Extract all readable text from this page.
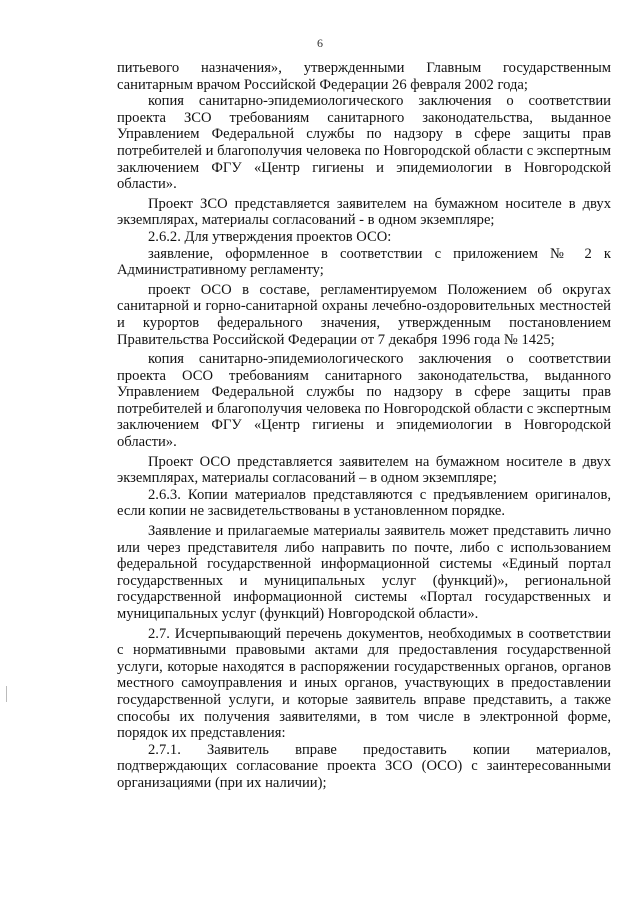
6

питьевого назначения», утвержденными Главным государственным санитарным врачом Российской Федерации 26 февраля 2002 года;

копия санитарно-эпидемиологического заключения о соответствии проекта ЗСО требованиям санитарного законодательства, выданное Управлением Федеральной службы по надзору в сфере защиты прав потребителей и благополучия человека по Новгородской области с экспертным заключением ФГУ «Центр гигиены и эпидемиологии в Новгородской области».

Проект ЗСО представляется заявителем на бумажном носителе в двух экземплярах, материалы согласований - в одном экземпляре;

2.6.2. Для утверждения проектов ОСО:

заявление, оформленное в соответствии с приложением № 2 к Административному регламенту;

проект ОСО в составе, регламентируемом Положением об округах санитарной и горно-санитарной охраны лечебно-оздоровительных местностей и курортов федерального значения, утвержденным постановлением Правительства Российской Федерации от 7 декабря 1996 года № 1425;

копия санитарно-эпидемиологического заключения о соответствии проекта ОСО требованиям санитарного законодательства, выданного Управлением Федеральной службы по надзору в сфере защиты прав потребителей и благополучия человека по Новгородской области с экспертным заключением ФГУ «Центр гигиены и эпидемиологии в Новгородской области».

Проект ОСО представляется заявителем на бумажном носителе в двух экземплярах, материалы согласований – в одном экземпляре;

2.6.3. Копии материалов представляются с предъявлением оригиналов, если копии не засвидетельствованы в установленном порядке.

Заявление и прилагаемые материалы заявитель может представить лично или через представителя либо направить по почте, либо с использованием федеральной государственной информационной системы «Единый портал государственных и муниципальных услуг (функций)», региональной государственной информационной системы «Портал государственных и муниципальных услуг (функций) Новгородской области».

2.7. Исчерпывающий перечень документов, необходимых в соответствии с нормативными правовыми актами для предоставления государственной услуги, которые находятся в распоряжении государственных органов, органов местного самоуправления и иных органов, участвующих в предоставлении государственной услуги, и которые заявитель вправе представить, а также способы их получения заявителями, в том числе в электронной форме, порядок их представления:

2.7.1. Заявитель вправе предоставить копии материалов, подтверждающих согласование проекта ЗСО (ОСО) с заинтересованными организациями (при их наличии);
